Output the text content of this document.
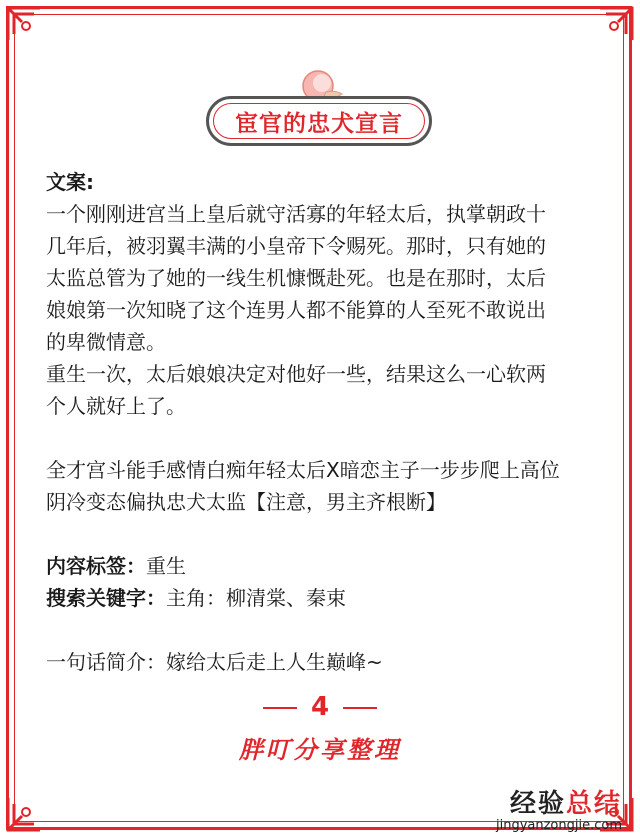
宦官的忠犬宣言

文案:

一个刚刚进宫当上皇后就守活寡的年轻太后，执掌朝政十

几年后，被羽翼丰满的小皇帝下令赐死。那时，只有她的

太监总管为了她的一线生机慷慨赴死。也是在那时，太后

娘娘第一次知晓了这个连男人都不能算的人至死不敢说出

的卑微情意。

重生一次，太后娘娘决定对他好一些，结果这么一心软两

个人就好上了。

全才宫斗能手感情白痴年轻太后X暗恋主子一步步爬上高位

阴冷变态偏执忠犬太监【注意，男主齐根断】

内容标签：重生

搜索关键字：主角：柳清棠、秦束

一句话简介：嫁给太后走上人生巅峰~

4
胖叮分享整理
经验总结
jingyanzongjie.com
